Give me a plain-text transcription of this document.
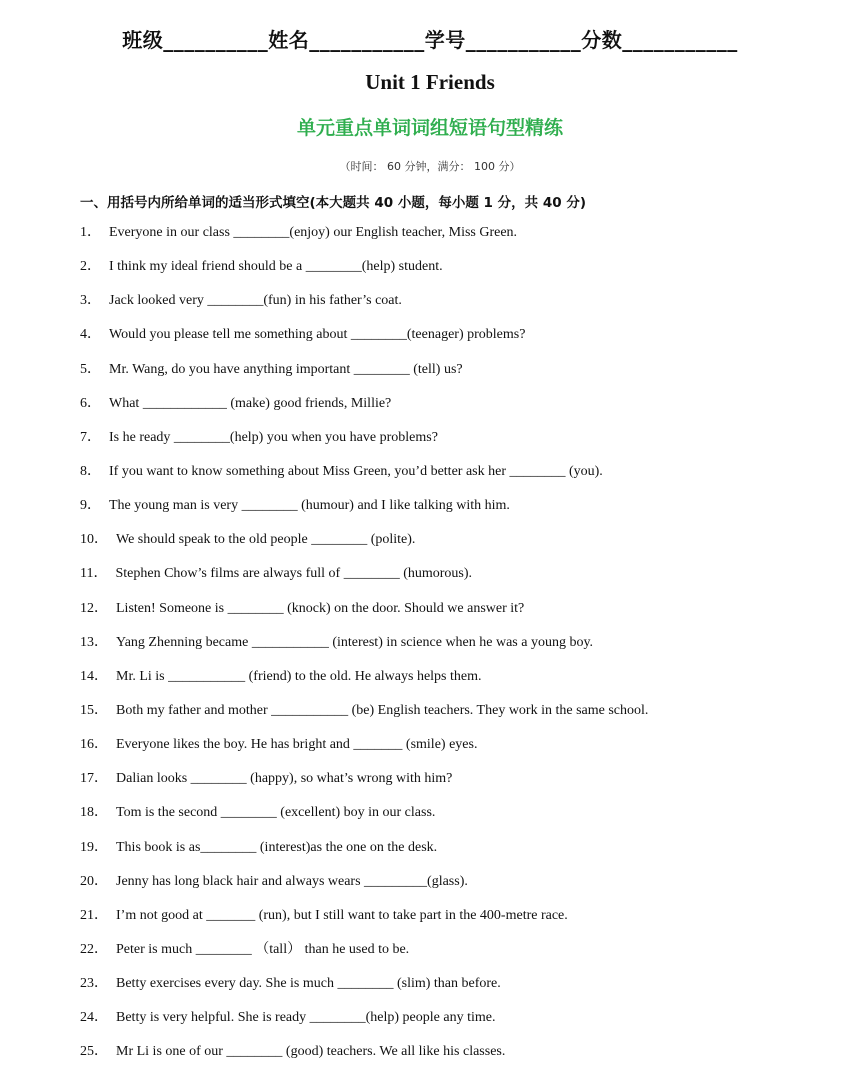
班级__________姓名___________学号___________分数___________
Unit 1 Friends
单元重点单词词组短语句型精练
（时间： 60 分钟，满分： 100 分）
一、用括号内所给单词的适当形式填空(本大题共 40 小题，每小题 1 分，共 40 分)
1． Everyone in our class ________(enjoy) our English teacher, Miss Green.
2． I think my ideal friend should be a ________(help) student.
3． Jack looked very ________(fun) in his father’s coat.
4． Would you please tell me something about ________(teenager) problems?
5． Mr. Wang, do you have anything important ________ (tell) us?
6． What ____________ (make) good friends, Millie?
7． Is he ready ________(help) you when you have problems?
8． If you want to know something about Miss Green, you’d better ask her ________ (you).
9． The young man is very ________ (humour) and I like talking with him.
10． We should speak to the old people ________ (polite).
11． Stephen Chow’s films are always full of ________ (humorous).
12． Listen! Someone is ________ (knock) on the door. Should we answer it?
13． Yang Zhenning became ___________ (interest) in science when he was a young boy.
14． Mr. Li is ___________ (friend) to the old. He always helps them.
15． Both my father and mother ___________ (be) English teachers. They work in the same school.
16． Everyone likes the boy. He has bright and _______ (smile) eyes.
17． Dalian looks ________ (happy), so what’s wrong with him?
18． Tom is the second ________ (excellent) boy in our class.
19． This book is as________ (interest)as the one on the desk.
20． Jenny has long black hair and always wears _________(glass).
21． I’m not good at _______ (run), but I still want to take part in the 400-metre race.
22． Peter is much ________ （tall） than he used to be.
23． Betty exercises every day. She is much ________ (slim) than before.
24． Betty is very helpful. She is ready ________(help) people any time.
25． Mr Li is one of our ________ (good) teachers. We all like his classes.
